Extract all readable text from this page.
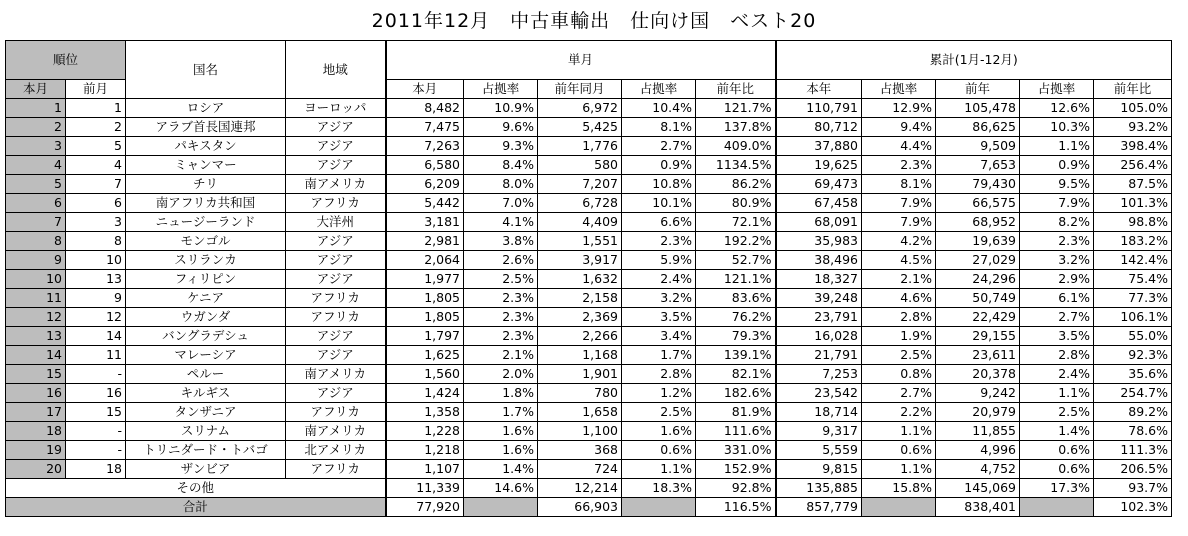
2011年12月　中古車輸出　仕向け国　ベスト20
順位		国名	地域	単月					累計(1月-12月)				
本月	前月			本月	占拠率	前年同月	占拠率	前年比	本年	占拠率	前年	占拠率	前年比
1	1	ロシア	ヨーロッパ	8,482	10.9%	6,972	10.4%	121.7%	110,791	12.9%	105,478	12.6%	105.0%
2	2	アラブ首長国連邦	アジア	7,475	9.6%	5,425	8.1%	137.8%	80,712	9.4%	86,625	10.3%	93.2%
3	5	パキスタン	アジア	7,263	9.3%	1,776	2.7%	409.0%	37,880	4.4%	9,509	1.1%	398.4%
4	4	ミャンマー	アジア	6,580	8.4%	580	0.9%	1134.5%	19,625	2.3%	7,653	0.9%	256.4%
5	7	チリ	南アメリカ	6,209	8.0%	7,207	10.8%	86.2%	69,473	8.1%	79,430	9.5%	87.5%
6	6	南アフリカ共和国	アフリカ	5,442	7.0%	6,728	10.1%	80.9%	67,458	7.9%	66,575	7.9%	101.3%
7	3	ニュージーランド	大洋州	3,181	4.1%	4,409	6.6%	72.1%	68,091	7.9%	68,952	8.2%	98.8%
8	8	モンゴル	アジア	2,981	3.8%	1,551	2.3%	192.2%	35,983	4.2%	19,639	2.3%	183.2%
9	10	スリランカ	アジア	2,064	2.6%	3,917	5.9%	52.7%	38,496	4.5%	27,029	3.2%	142.4%
10	13	フィリピン	アジア	1,977	2.5%	1,632	2.4%	121.1%	18,327	2.1%	24,296	2.9%	75.4%
11	9	ケニア	アフリカ	1,805	2.3%	2,158	3.2%	83.6%	39,248	4.6%	50,749	6.1%	77.3%
12	12	ウガンダ	アフリカ	1,805	2.3%	2,369	3.5%	76.2%	23,791	2.8%	22,429	2.7%	106.1%
13	14	バングラデシュ	アジア	1,797	2.3%	2,266	3.4%	79.3%	16,028	1.9%	29,155	3.5%	55.0%
14	11	マレーシア	アジア	1,625	2.1%	1,168	1.7%	139.1%	21,791	2.5%	23,611	2.8%	92.3%
15	-	ペルー	南アメリカ	1,560	2.0%	1,901	2.8%	82.1%	7,253	0.8%	20,378	2.4%	35.6%
16	16	キルギス	アジア	1,424	1.8%	780	1.2%	182.6%	23,542	2.7%	9,242	1.1%	254.7%
17	15	タンザニア	アフリカ	1,358	1.7%	1,658	2.5%	81.9%	18,714	2.2%	20,979	2.5%	89.2%
18	-	スリナム	南アメリカ	1,228	1.6%	1,100	1.6%	111.6%	9,317	1.1%	11,855	1.4%	78.6%
19	-	トリニダード・トバゴ	北アメリカ	1,218	1.6%	368	0.6%	331.0%	5,559	0.6%	4,996	0.6%	111.3%
20	18	ザンビア	アフリカ	1,107	1.4%	724	1.1%	152.9%	9,815	1.1%	4,752	0.6%	206.5%
その他				11,339	14.6%	12,214	18.3%	92.8%	135,885	15.8%	145,069	17.3%	93.7%
合計				77,920		66,903		116.5%	857,779		838,401		102.3%
